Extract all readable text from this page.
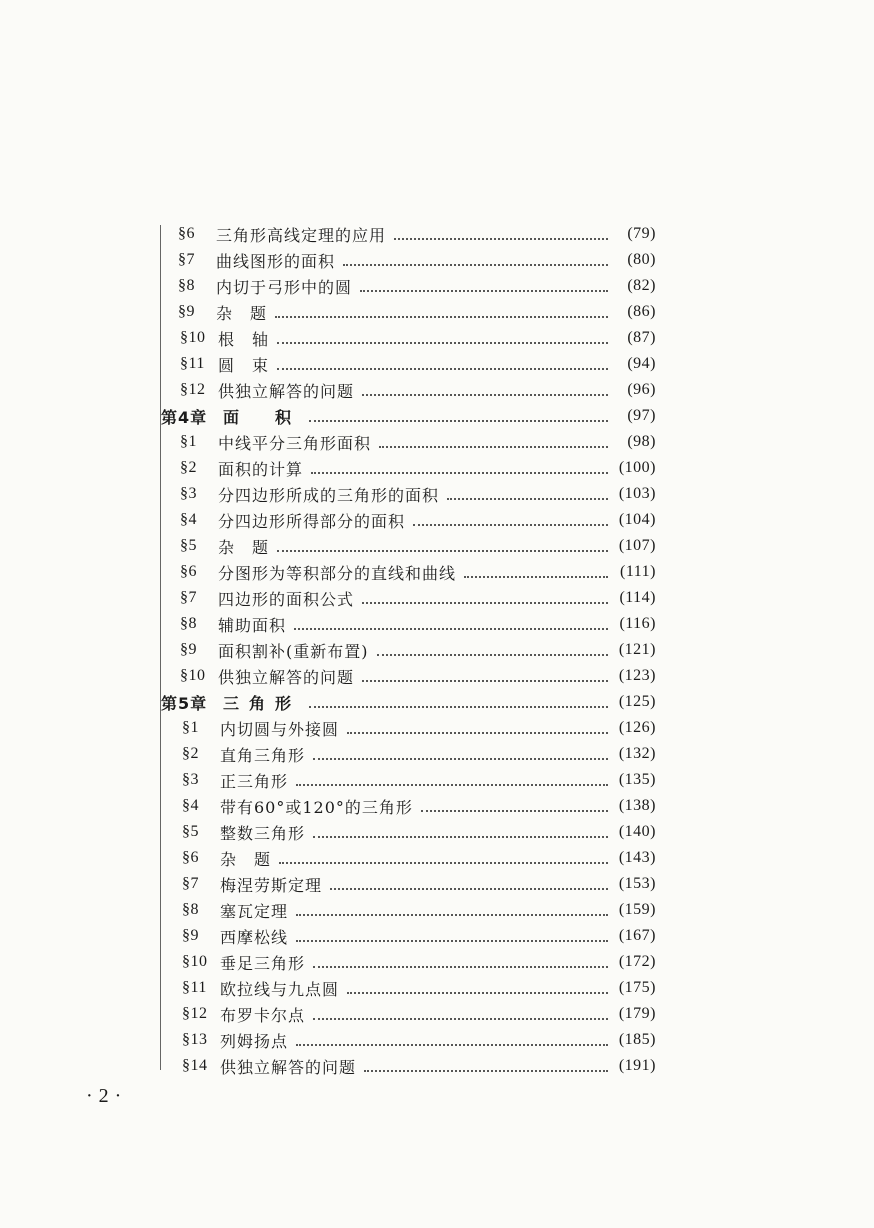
§6	三角形高线定理的应用	(79)
§7	曲线图形的面积	(80)
§8	内切于弓形中的圆	(82)
§9	杂　题	(86)
§10 根　轴	(87)
§11 圆　束	(94)
§12 供独立解答的问题	(96)
第4章 面　积	(97)
§1	中线平分三角形面积	(98)
§2	面积的计算	(100)
§3	分四边形所成的三角形的面积	(103)
§4	分四边形所得部分的面积	(104)
§5	杂　题	(107)
§6	分图形为等积部分的直线和曲线	(111)
§7	四边形的面积公式	(114)
§8	辅助面积	(116)
§9	面积割补(重新布置)	(121)
§10 供独立解答的问题	(123)
第5章 三角形	(125)
§1	内切圆与外接圆	(126)
§2	直角三角形	(132)
§3	正三角形	(135)
§4	带有60°或120°的三角形	(138)
§5	整数三角形	(140)
§6	杂　题	(143)
§7	梅涅劳斯定理	(153)
§8	塞瓦定理	(159)
§9	西摩松线	(167)
§10 垂足三角形	(172)
§11 欧拉线与九点圆	(175)
§12 布罗卡尔点	(179)
§13 列姆扬点	(185)
§14 供独立解答的问题	(191)
·2·
